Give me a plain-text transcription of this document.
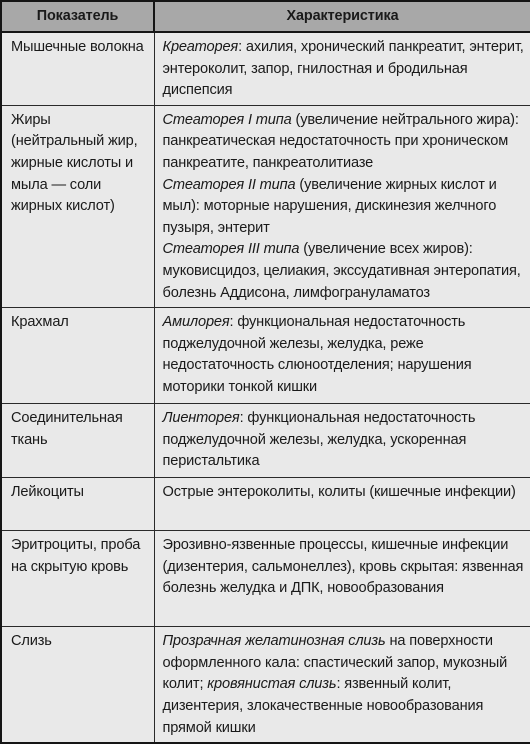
Показатель	Характеристика
Мышечные волокна	Креаторея: ахилия, хронический панкреатит, энтерит, энтероколит, запор, гнилостная и бродильная диспепсия
Жиры (нейтральный жир, жирные кислоты и мыла — соли жирных кислот)	Стеаторея I типа (увеличение нейтрального жира): панкреатическая недостаточность при хроническом панкреатите, панкреатолитиазе
Стеаторея II типа (увеличение жирных кислот и мыл): моторные нарушения, дискинезия желчного пузыря, энтерит
Стеаторея III типа (увеличение всех жиров): муковисцидоз, целиакия, экссудативная энтеропатия, болезнь Аддисона, лимфогрануламатоз

Крахмал	Амилорея: функциональная недостаточность поджелудочной железы, желудка, реже недостаточность слюноотделения; нарушения моторики тонкой кишки
Соединительная ткань	Лиенторея: функциональная недостаточность поджелудочной железы, желудка, ускоренная перистальтика
Лейкоциты	Острые энтероколиты, колиты (кишечные инфекции)
Эритроциты, проба на скрытую кровь	Эрозивно-язвенные процессы, кишечные инфекции (дизентерия, сальмонеллез), кровь скрытая: язвенная болезнь желудка и ДПК, новообразования
Слизь	Прозрачная желатинозная слизь на поверхности оформленного кала: спастический запор, мукозный колит; кровянистая слизь: язвенный колит, дизентерия, злокачественные новообразования прямой кишки
